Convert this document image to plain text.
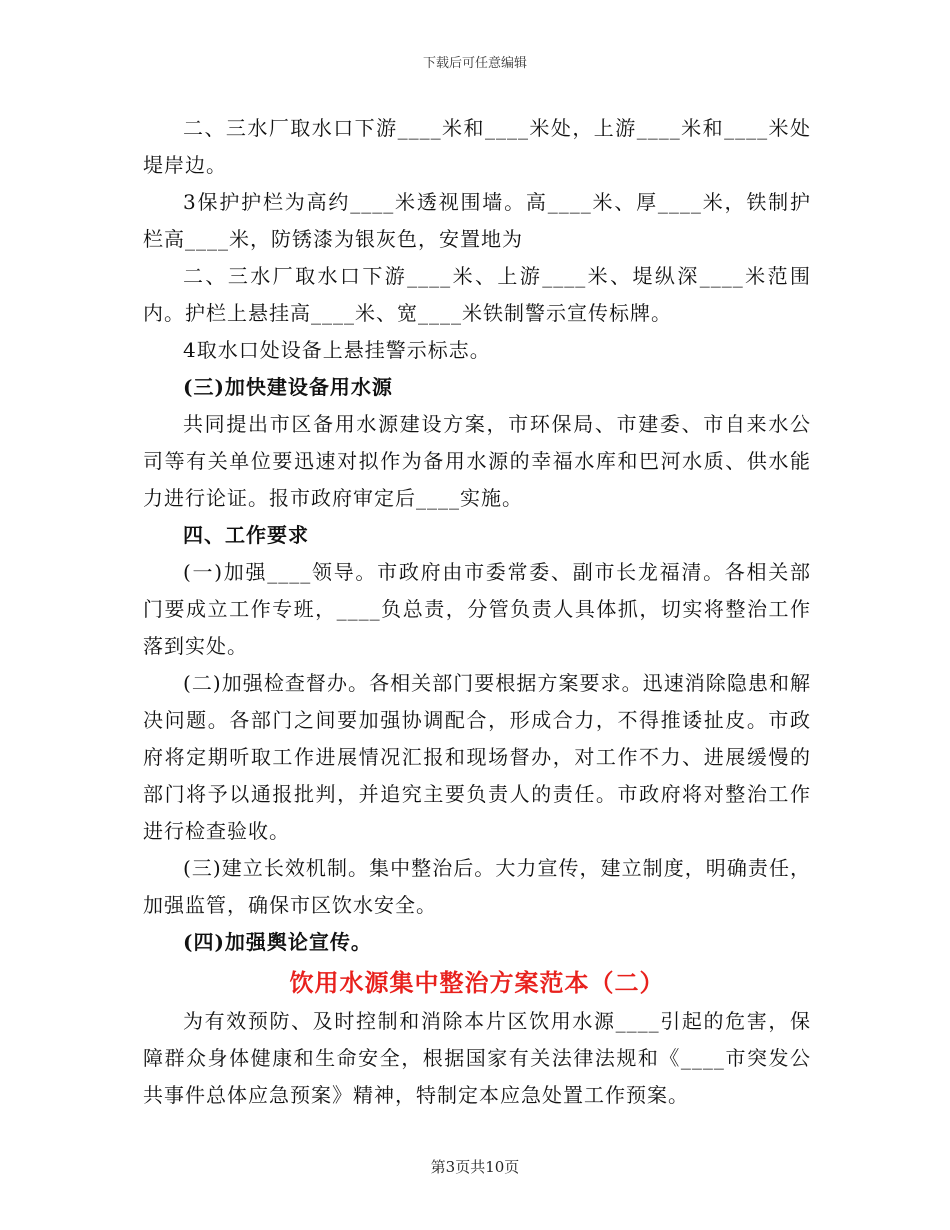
下载后可任意编辑

二、三水厂取水口下游____米和____米处，上游____米和____米处堤岸边。

3保护护栏为高约____米透视围墙。高____米、厚____米，铁制护栏高____米，防锈漆为银灰色，安置地为

二、三水厂取水口下游____米、上游____米、堤纵深____米范围内。护栏上悬挂高____米、宽____米铁制警示宣传标牌。

4取水口处设备上悬挂警示标志。

(三)加快建设备用水源

共同提出市区备用水源建设方案，市环保局、市建委、市自来水公司等有关单位要迅速对拟作为备用水源的幸福水库和巴河水质、供水能力进行论证。报市政府审定后____实施。

四、工作要求

(一)加强____领导。市政府由市委常委、副市长龙福清。各相关部门要成立工作专班，____负总责，分管负责人具体抓，切实将整治工作落到实处。

(二)加强检查督办。各相关部门要根据方案要求。迅速消除隐患和解决问题。各部门之间要加强协调配合，形成合力，不得推诿扯皮。市政府将定期听取工作进展情况汇报和现场督办，对工作不力、进展缓慢的部门将予以通报批判，并追究主要负责人的责任。市政府将对整治工作进行检查验收。

(三)建立长效机制。集中整治后。大力宣传，建立制度，明确责任，加强监管，确保市区饮水安全。

(四)加强舆论宣传。

饮用水源集中整治方案范本（二）

为有效预防、及时控制和消除本片区饮用水源____引起的危害，保障群众身体健康和生命安全，根据国家有关法律法规和《____市突发公共事件总体应急预案》精神，特制定本应急处置工作预案。

第3页共10页
